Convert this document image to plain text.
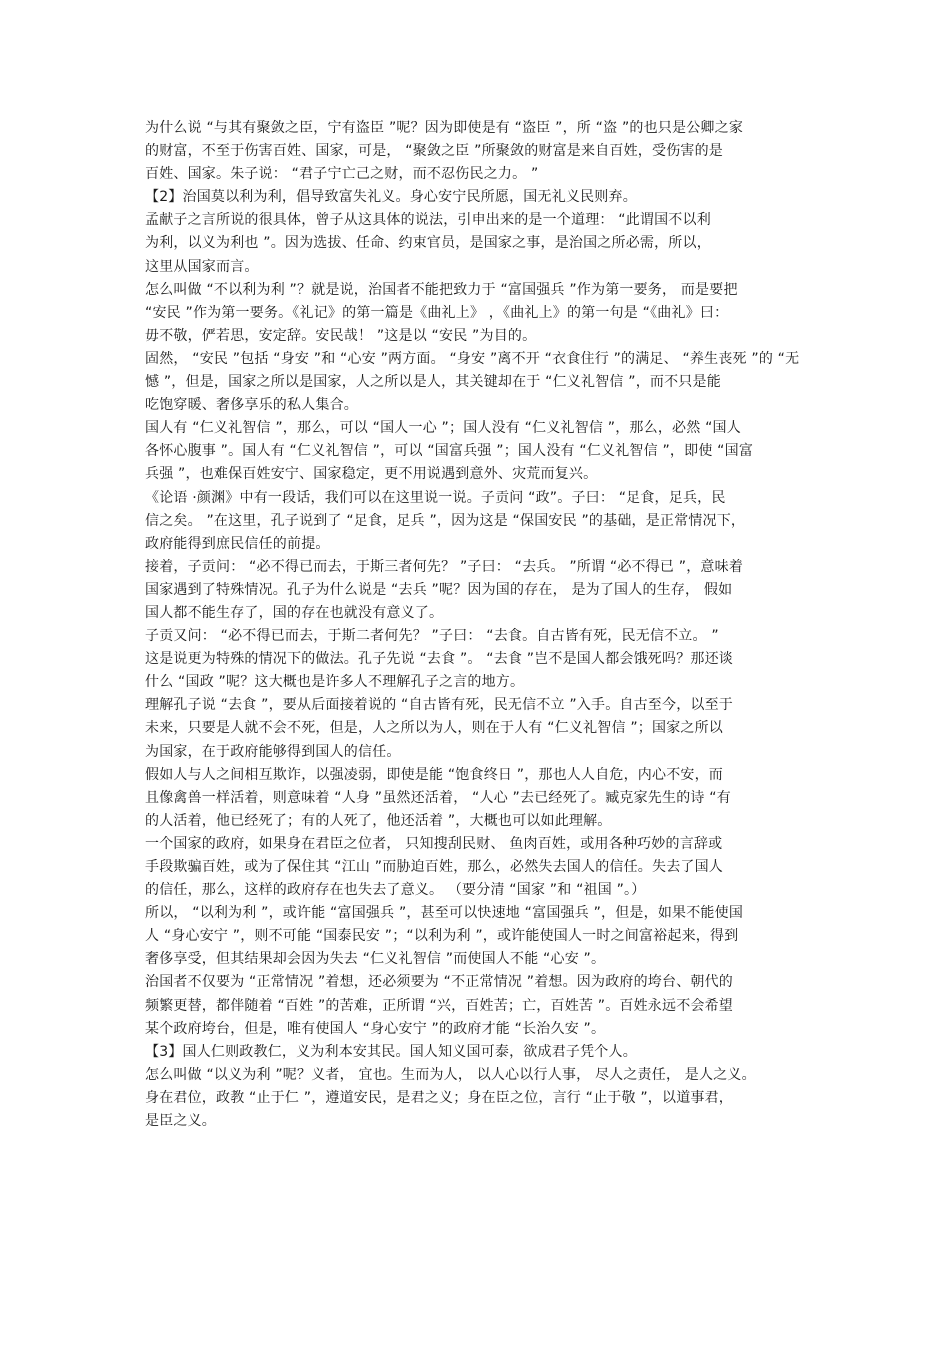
为什么说 “与其有聚敛之臣，宁有盗臣 ”呢？因为即使是有 “盗臣 ”，所 “盗 ”的也只是公卿之家
的财富，不至于伤害百姓、国家，可是， “聚敛之臣 ”所聚敛的财富是来自百姓，受伤害的是
百姓、国家。朱子说： “君子宁亡己之财，而不忍伤民之力。 ”
【2】治国莫以利为利，倡导致富失礼义。身心安宁民所愿，国无礼义民则弃。
孟献子之言所说的很具体，曾子从这具体的说法，引申出来的是一个道理： “此谓国不以利
为利，以义为利也 ”。因为选拔、任命、约束官员，是国家之事，是治国之所必需，所以，
这里从国家而言。
怎么叫做 “不以利为利 ”？就是说，治国者不能把致力于 “富国强兵 ”作为第一要务， 而是要把
“安民 ”作为第一要务。《礼记》的第一篇是《曲礼上》 ，《曲礼上》的第一句是 “《曲礼》曰：
毋不敬，俨若思，安定辞。安民哉！ ”这是以 “安民 ”为目的。
固然， “安民 ”包括 “身安 ”和 “心安 ”两方面。 “身安 ”离不开 “衣食住行 ”的满足、 “养生丧死 ”的 “无
憾 ”，但是，国家之所以是国家，人之所以是人，其关键却在于 “仁义礼智信 ”，而不只是能
吃饱穿暖、奢侈享乐的私人集合。
国人有 “仁义礼智信 ”，那么，可以 “国人一心 ”；国人没有 “仁义礼智信 ”，那么，必然 “国人
各怀心腹事 ”。国人有 “仁义礼智信 ”，可以 “国富兵强 ”；国人没有 “仁义礼智信 ”，即使 “国富
兵强 ”，也难保百姓安宁、国家稳定，更不用说遇到意外、灾荒而复兴。
《论语 ·颜渊》中有一段话，我们可以在这里说一说。子贡问 “政”。子曰： “足食，足兵，民
信之矣。 ”在这里，孔子说到了 “足食，足兵 ”，因为这是 “保国安民 ”的基础，是正常情况下，
政府能得到庶民信任的前提。
接着，子贡问： “必不得已而去，于斯三者何先？ ”子曰： “去兵。 ”所谓 “必不得已 ”，意味着
国家遇到了特殊情况。孔子为什么说是 “去兵 ”呢？因为国的存在， 是为了国人的生存， 假如
国人都不能生存了，国的存在也就没有意义了。
子贡又问： “必不得已而去，于斯二者何先？ ”子曰： “去食。自古皆有死，民无信不立。 ”
这是说更为特殊的情况下的做法。孔子先说 “去食 ”。 “去食 ”岂不是国人都会饿死吗？那还谈
什么 “国政 ”呢？这大概也是许多人不理解孔子之言的地方。
理解孔子说 “去食 ”，要从后面接着说的 “自古皆有死，民无信不立 ”入手。自古至今，以至于
未来，只要是人就不会不死，但是，人之所以为人，则在于人有 “仁义礼智信 ”；国家之所以
为国家，在于政府能够得到国人的信任。
假如人与人之间相互欺诈，以强凌弱，即使是能 “饱食终日 ”，那也人人自危，内心不安，而
且像禽兽一样活着，则意味着 “人身 ”虽然还活着， “人心 ”去已经死了。臧克家先生的诗 “有
的人活着，他已经死了；有的人死了，他还活着 ”，大概也可以如此理解。
一个国家的政府，如果身在君臣之位者， 只知搜刮民财、 鱼肉百姓，或用各种巧妙的言辞或
手段欺骗百姓，或为了保住其 “江山 ”而胁迫百姓，那么，必然失去国人的信任。失去了国人
的信任，那么，这样的政府存在也失去了意义。 （要分清 “国家 ”和 “祖国 ”。）
所以， “以利为利 ”，或许能 “富国强兵 ”，甚至可以快速地 “富国强兵 ”，但是，如果不能使国
人 “身心安宁 ”，则不可能 “国泰民安 ”；“以利为利 ”，或许能使国人一时之间富裕起来，得到
奢侈享受，但其结果却会因为失去 “仁义礼智信 ”而使国人不能 “心安 ”。
治国者不仅要为 “正常情况 ”着想，还必须要为 “不正常情况 ”着想。因为政府的垮台、朝代的
频繁更替，都伴随着 “百姓 ”的苦难，正所谓 “兴，百姓苦；亡，百姓苦 ”。百姓永远不会希望
某个政府垮台，但是，唯有使国人 “身心安宁 ”的政府才能 “长治久安 ”。
【3】国人仁则政教仁，义为利本安其民。国人知义国可泰，欲成君子凭个人。
怎么叫做 “以义为利 ”呢？义者， 宜也。生而为人， 以人心以行人事， 尽人之责任， 是人之义。
身在君位，政教 “止于仁 ”，遵道安民，是君之义；身在臣之位，言行 “止于敬 ”，以道事君，
是臣之义。
